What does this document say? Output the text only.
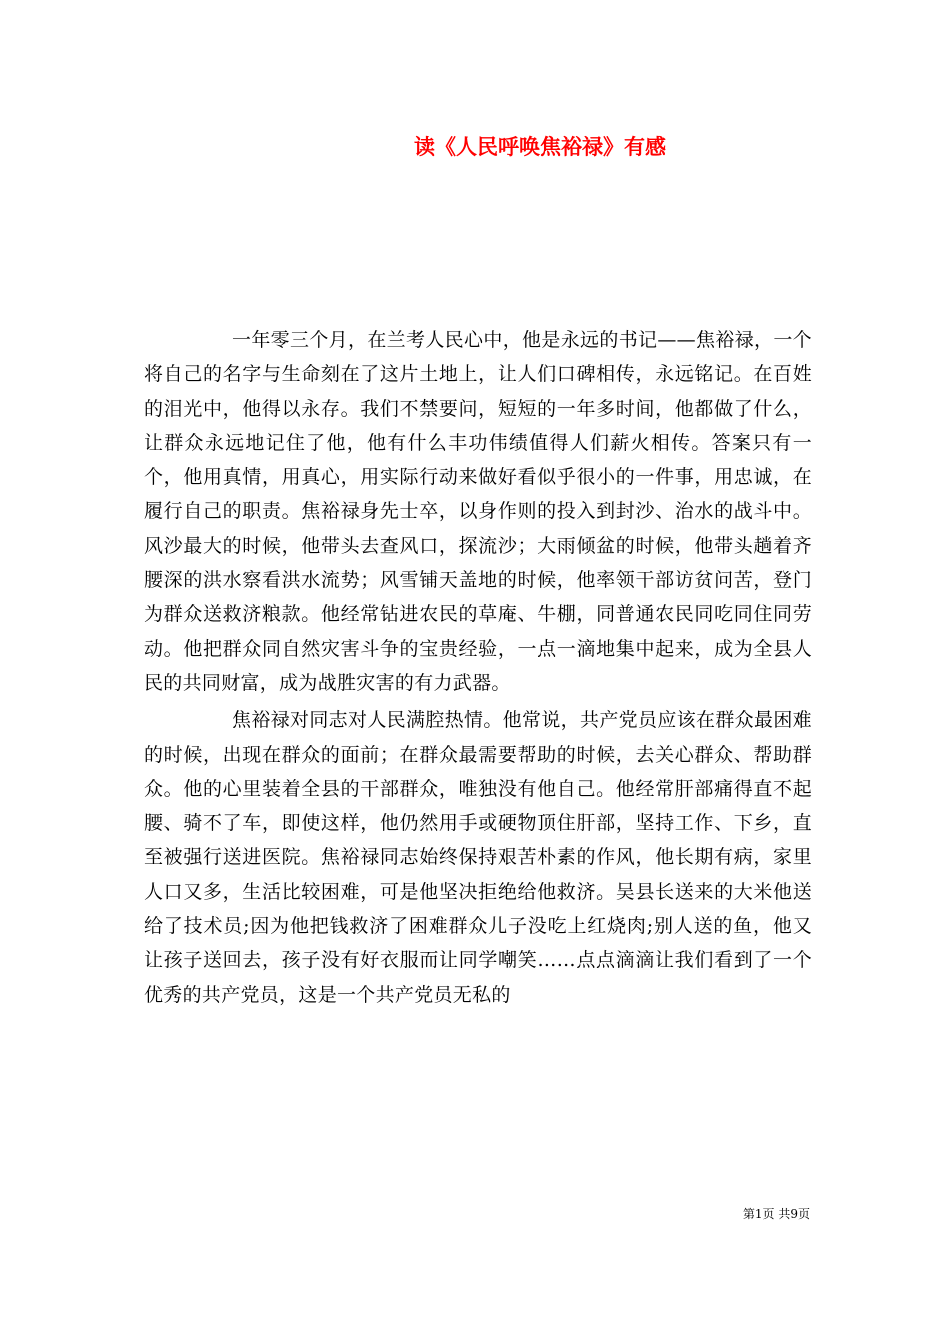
读《人民呼唤焦裕禄》有感

一年零三个月，在兰考人民心中，他是永远的书记——焦裕禄，一个将自己的名字与生命刻在了这片土地上，让人们口碑相传，永远铭记。在百姓的泪光中，他得以永存。我们不禁要问，短短的一年多时间，他都做了什么，让群众永远地记住了他，他有什么丰功伟绩值得人们薪火相传。答案只有一个，他用真情，用真心，用实际行动来做好看似乎很小的一件事，用忠诚，在履行自己的职责。焦裕禄身先士卒，以身作则的投入到封沙、治水的战斗中。风沙最大的时候，他带头去查风口，探流沙；大雨倾盆的时候，他带头趟着齐腰深的洪水察看洪水流势；风雪铺天盖地的时候，他率领干部访贫问苦，登门为群众送救济粮款。他经常钻进农民的草庵、牛棚，同普通农民同吃同住同劳动。他把群众同自然灾害斗争的宝贵经验，一点一滴地集中起来，成为全县人民的共同财富，成为战胜灾害的有力武器。

焦裕禄对同志对人民满腔热情。他常说，共产党员应该在群众最困难的时候，出现在群众的面前；在群众最需要帮助的时候，去关心群众、帮助群众。他的心里装着全县的干部群众，唯独没有他自己。他经常肝部痛得直不起腰、骑不了车，即使这样，他仍然用手或硬物顶住肝部，坚持工作、下乡，直至被强行送进医院。焦裕禄同志始终保持艰苦朴素的作风，他长期有病，家里人口又多，生活比较困难，可是他坚决拒绝给他救济。吴县长送来的大米他送给了技术员;因为他把钱救济了困难群众儿子没吃上红烧肉;别人送的鱼，他又让孩子送回去，孩子没有好衣服而让同学嘲笑……点点滴滴让我们看到了一个优秀的共产党员，这是一个共产党员无私的

第1页 共9页
